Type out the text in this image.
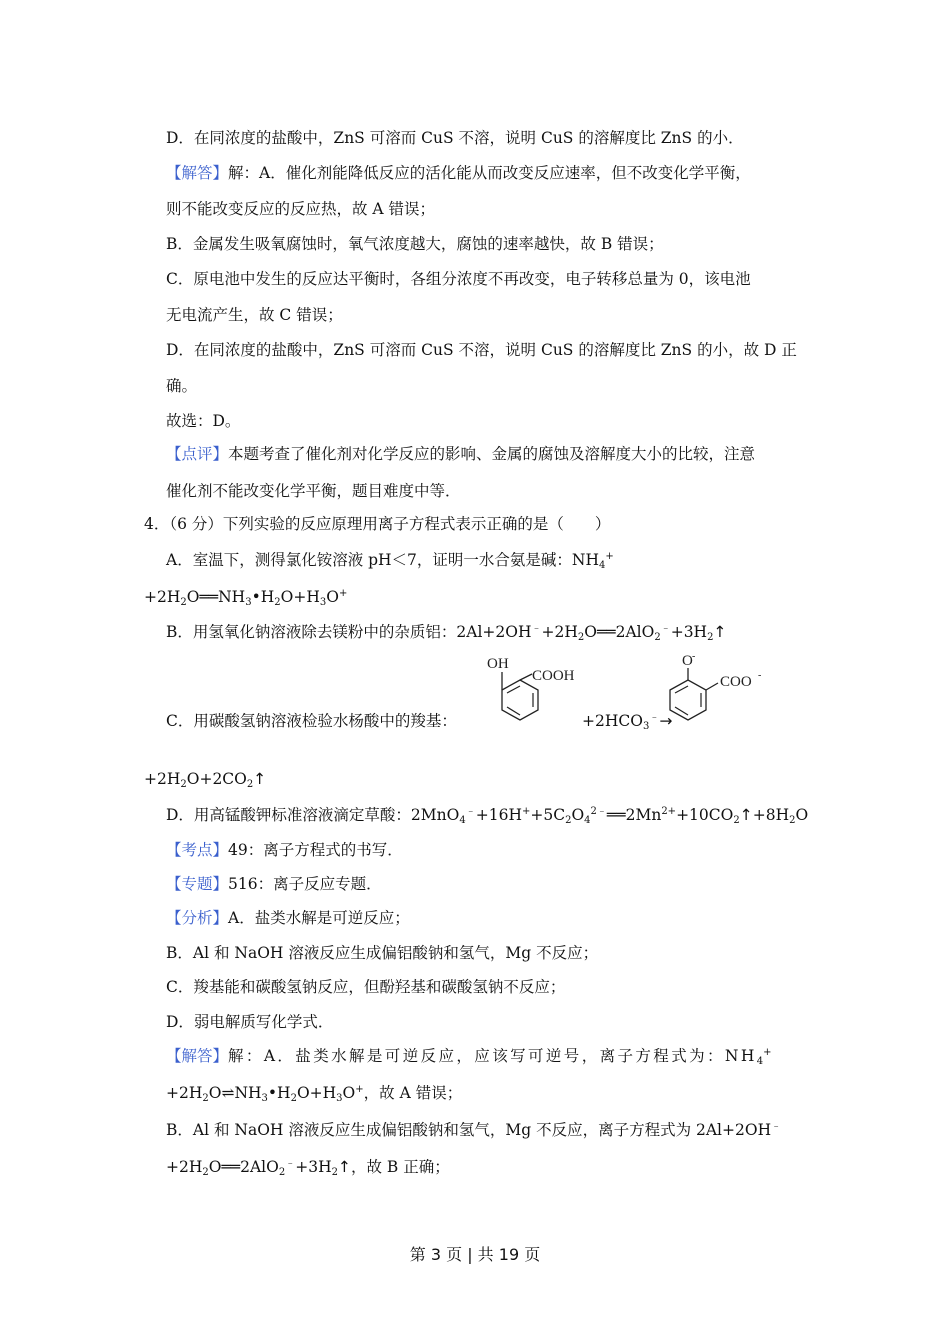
D．在同浓度的盐酸中，ZnS 可溶而 CuS 不溶，说明 CuS 的溶解度比 ZnS 的小．
【解答】解：A．催化剂能降低反应的活化能从而改变反应速率，但不改变化学平衡，
则不能改变反应的反应热，故 A 错误；
B．金属发生吸氧腐蚀时，氧气浓度越大，腐蚀的速率越快，故 B 错误；
C．原电池中发生的反应达平衡时，各组分浓度不再改变，电子转移总量为 0，该电池
无电流产生，故 C 错误；
D．在同浓度的盐酸中，ZnS 可溶而 CuS 不溶，说明 CuS 的溶解度比 ZnS 的小，故 D 正
确。
故选：D。
【点评】本题考查了催化剂对化学反应的影响、金属的腐蚀及溶解度大小的比较，注意
催化剂不能改变化学平衡，题目难度中等．
4．（6 分）下列实验的反应原理用离子方程式表示正确的是（　　）
A．室温下，测得氯化铵溶液 pH＜7，证明一水合氨是碱：$NH_4^+$
$+2H_2O══NH_3•H_2O+H_3O^+$
B．用氢氧化钠溶液除去镁粉中的杂质铝：$2Al+2OH^﹣+2H_2O══2AlO_2^﹣+3H_2↑$
C．用碳酸氢钠溶液检验水杨酸中的羧基：
OH
COOH
$+2HCO_3^﹣\to$
O -
COO -
$+2H_2O+2CO_2↑$
D．用高锰酸钾标准溶液滴定草酸：$2MnO_4^﹣+16H^++5C_2O_4^{2﹣}══2Mn^{2+}+10CO_2↑+8H_2O$
【考点】49：离子方程式的书写．
【专题】516：离子反应专题．
【分析】A．盐类水解是可逆反应；
B．Al 和 NaOH 溶液反应生成偏铝酸钠和氢气，Mg 不反应；
C．羧基能和碳酸氢钠反应，但酚羟基和碳酸氢钠不反应；
D．弱电解质写化学式．
【解答】解：A．盐类水解是可逆反应，应该写可逆号，离子方程式为：$NH_4^+$
$+2H_2O\rightleftharpoons NH_3•H_2O+H_3O^+$，故 A 错误；
B．Al 和 NaOH 溶液反应生成偏铝酸钠和氢气，Mg 不反应，离子方程式为 2Al+2OH﹣
$+2H_2O══2AlO_2^﹣+3H_2↑$，故 B 正确；
第 3 页 | 共 19 页
